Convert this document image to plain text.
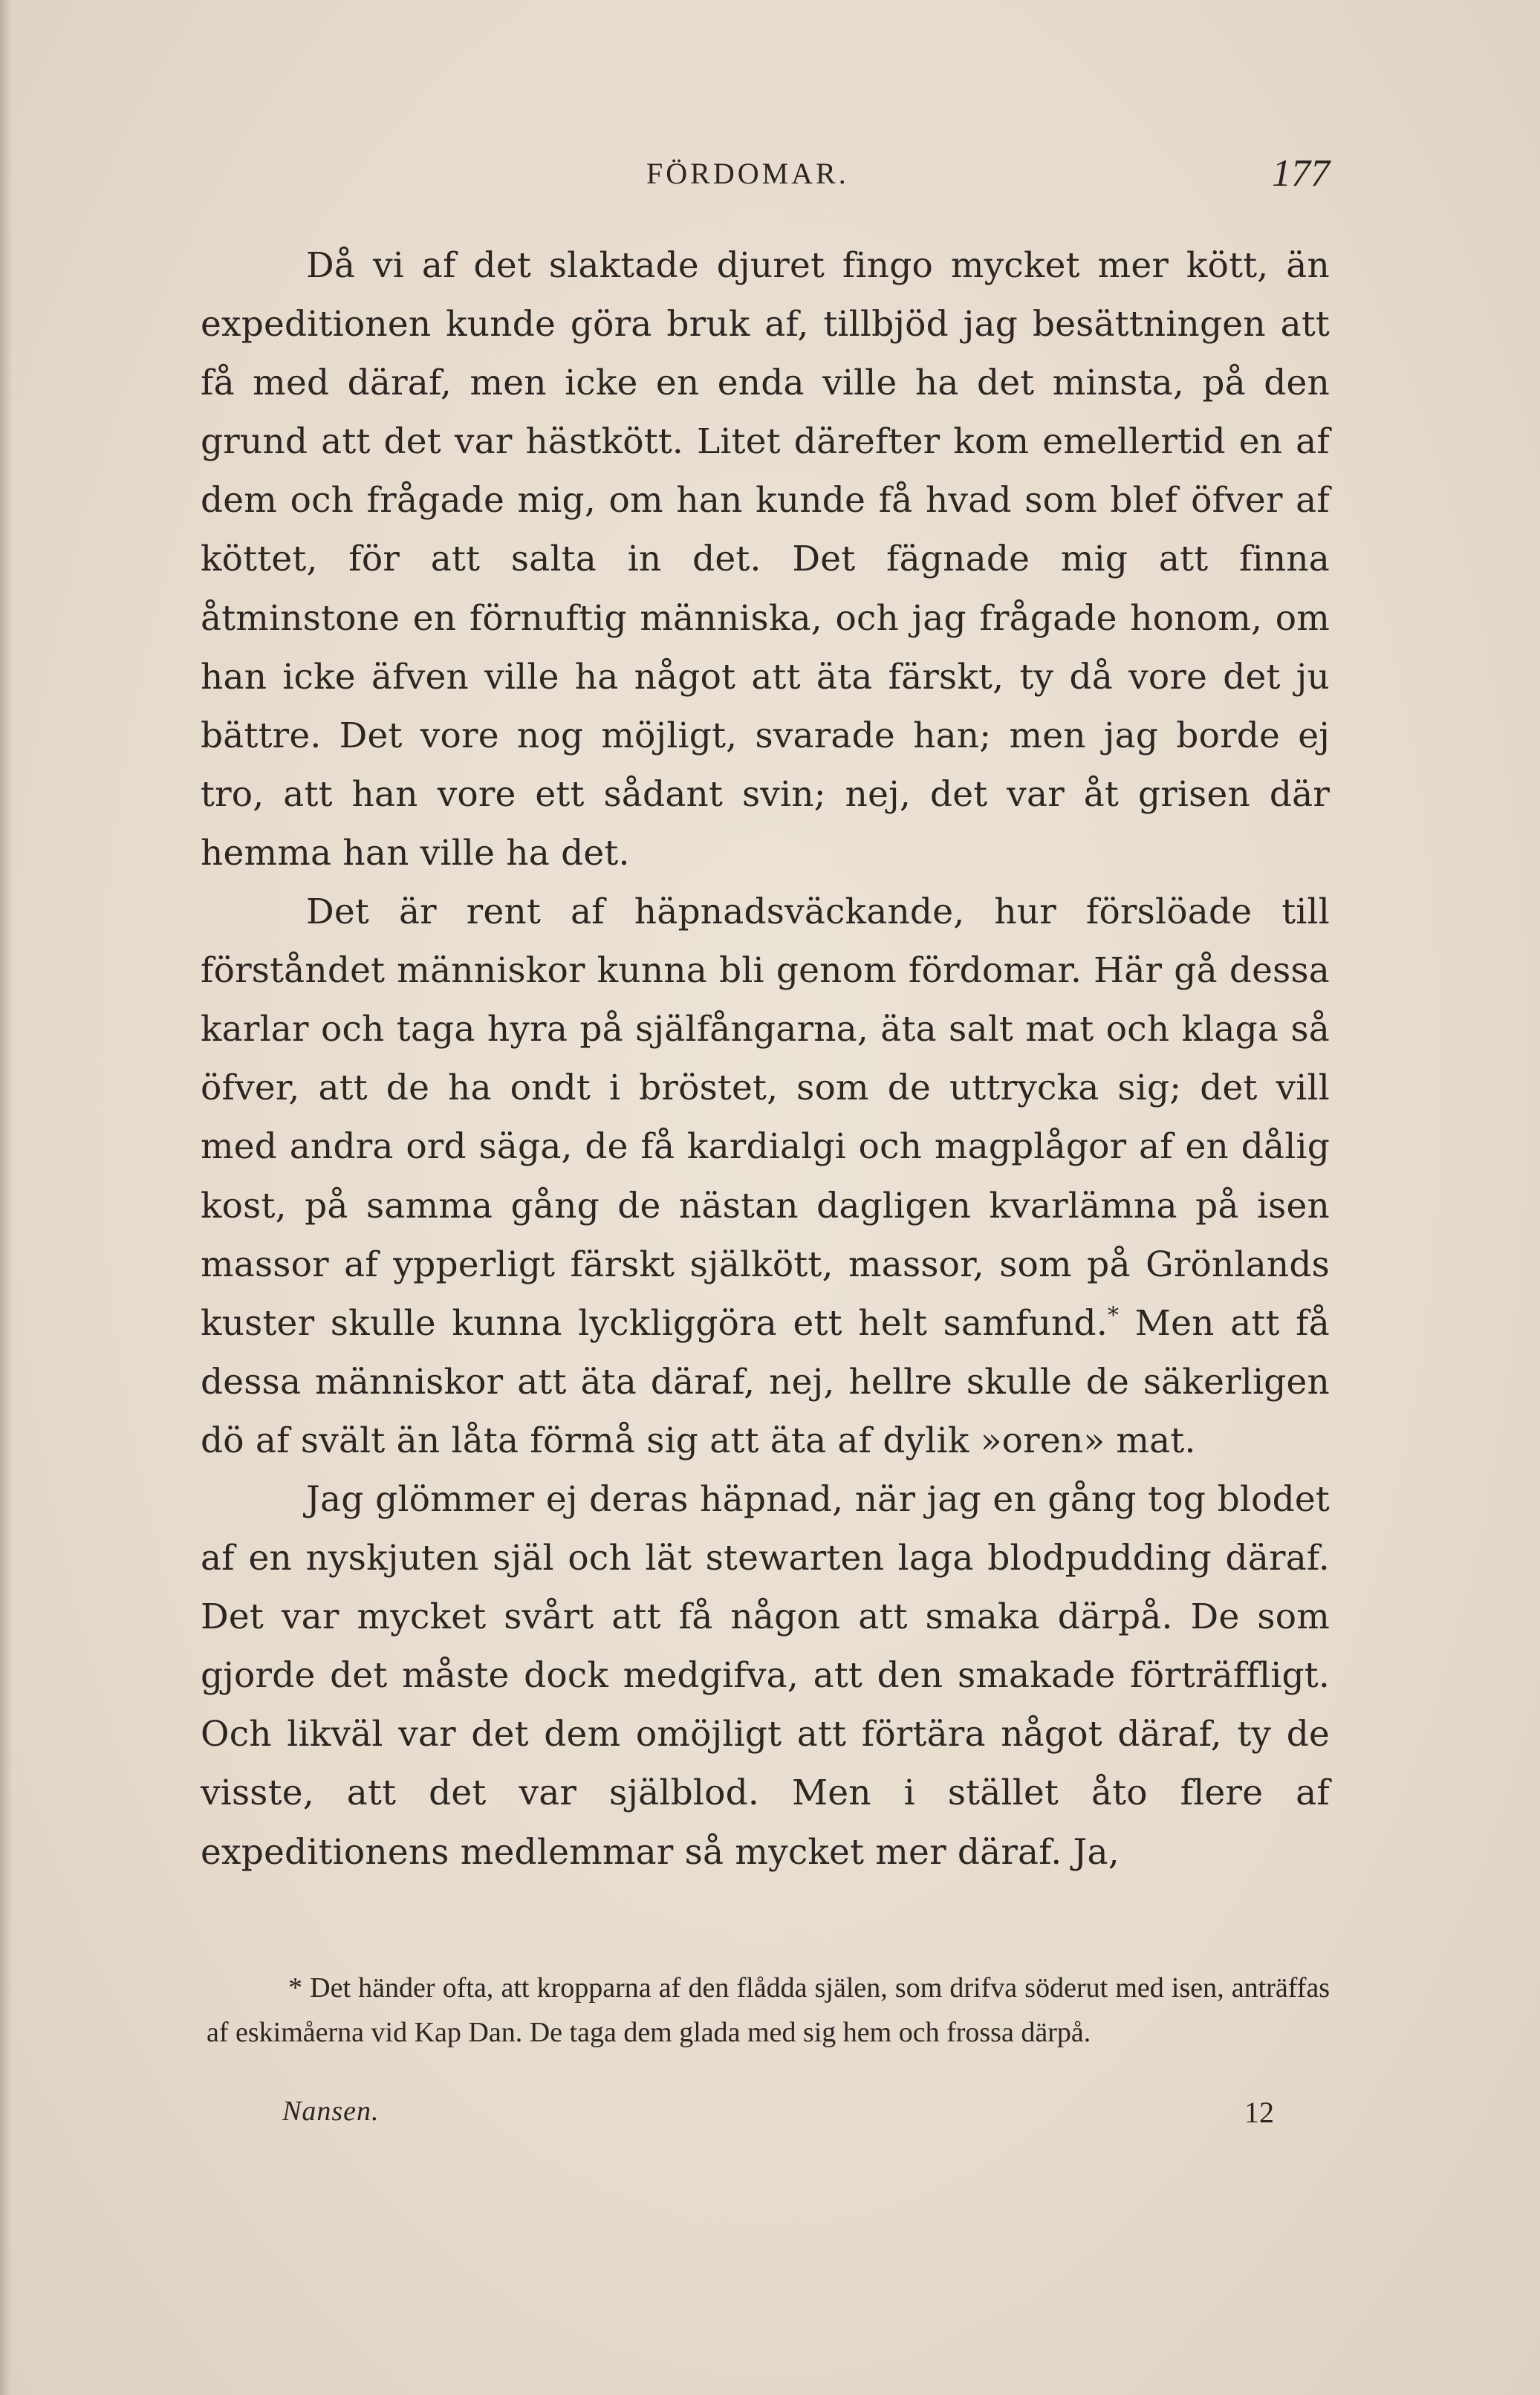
FÖRDOMAR.	177

Då vi af det slaktade djuret fingo mycket mer kött, än expeditionen kunde göra bruk af, tillbjöd jag besättningen att få med däraf, men icke en enda ville ha det minsta, på den grund att det var hästkött. Litet därefter kom emellertid en af dem och frågade mig, om han kunde få hvad som blef öfver af köttet, för att salta in det. Det fägnade mig att finna åtminstone en förnuftig människa, och jag frågade honom, om han icke äfven ville ha något att äta färskt, ty då vore det ju bättre. Det vore nog möjligt, svarade han; men jag borde ej tro, att han vore ett sådant svin; nej, det var åt grisen där hemma han ville ha det.

Det är rent af häpnadsväckande, hur förslöade till förståndet människor kunna bli genom fördomar. Här gå dessa karlar och taga hyra på själfångarna, äta salt mat och klaga så öfver, att de ha ondt i bröstet, som de uttrycka sig; det vill med andra ord säga, de få kardialgi och magplågor af en dålig kost, på samma gång de nästan dagligen kvarlämna på isen massor af ypperligt färskt själkött, massor, som på Grönlands kuster skulle kunna lyckliggöra ett helt samfund.* Men att få dessa människor att äta däraf, nej, hellre skulle de säkerligen dö af svält än låta förmå sig att äta af dylik »oren» mat.

Jag glömmer ej deras häpnad, när jag en gång tog blodet af en nyskjuten själ och lät stewarten laga blodpudding däraf. Det var mycket svårt att få någon att smaka därpå. De som gjorde det måste dock medgifva, att den smakade förträffligt. Och likväl var det dem omöjligt att förtära något däraf, ty de visste, att det var själblod. Men i stället åto flere af expeditionens medlemmar så mycket mer däraf. Ja,

* Det händer ofta, att kropparna af den flådda själen, som drifva söderut med isen, anträffas af eskimåerna vid Kap Dan. De taga dem glada med sig hem och frossa därpå.
Nansen.	12
